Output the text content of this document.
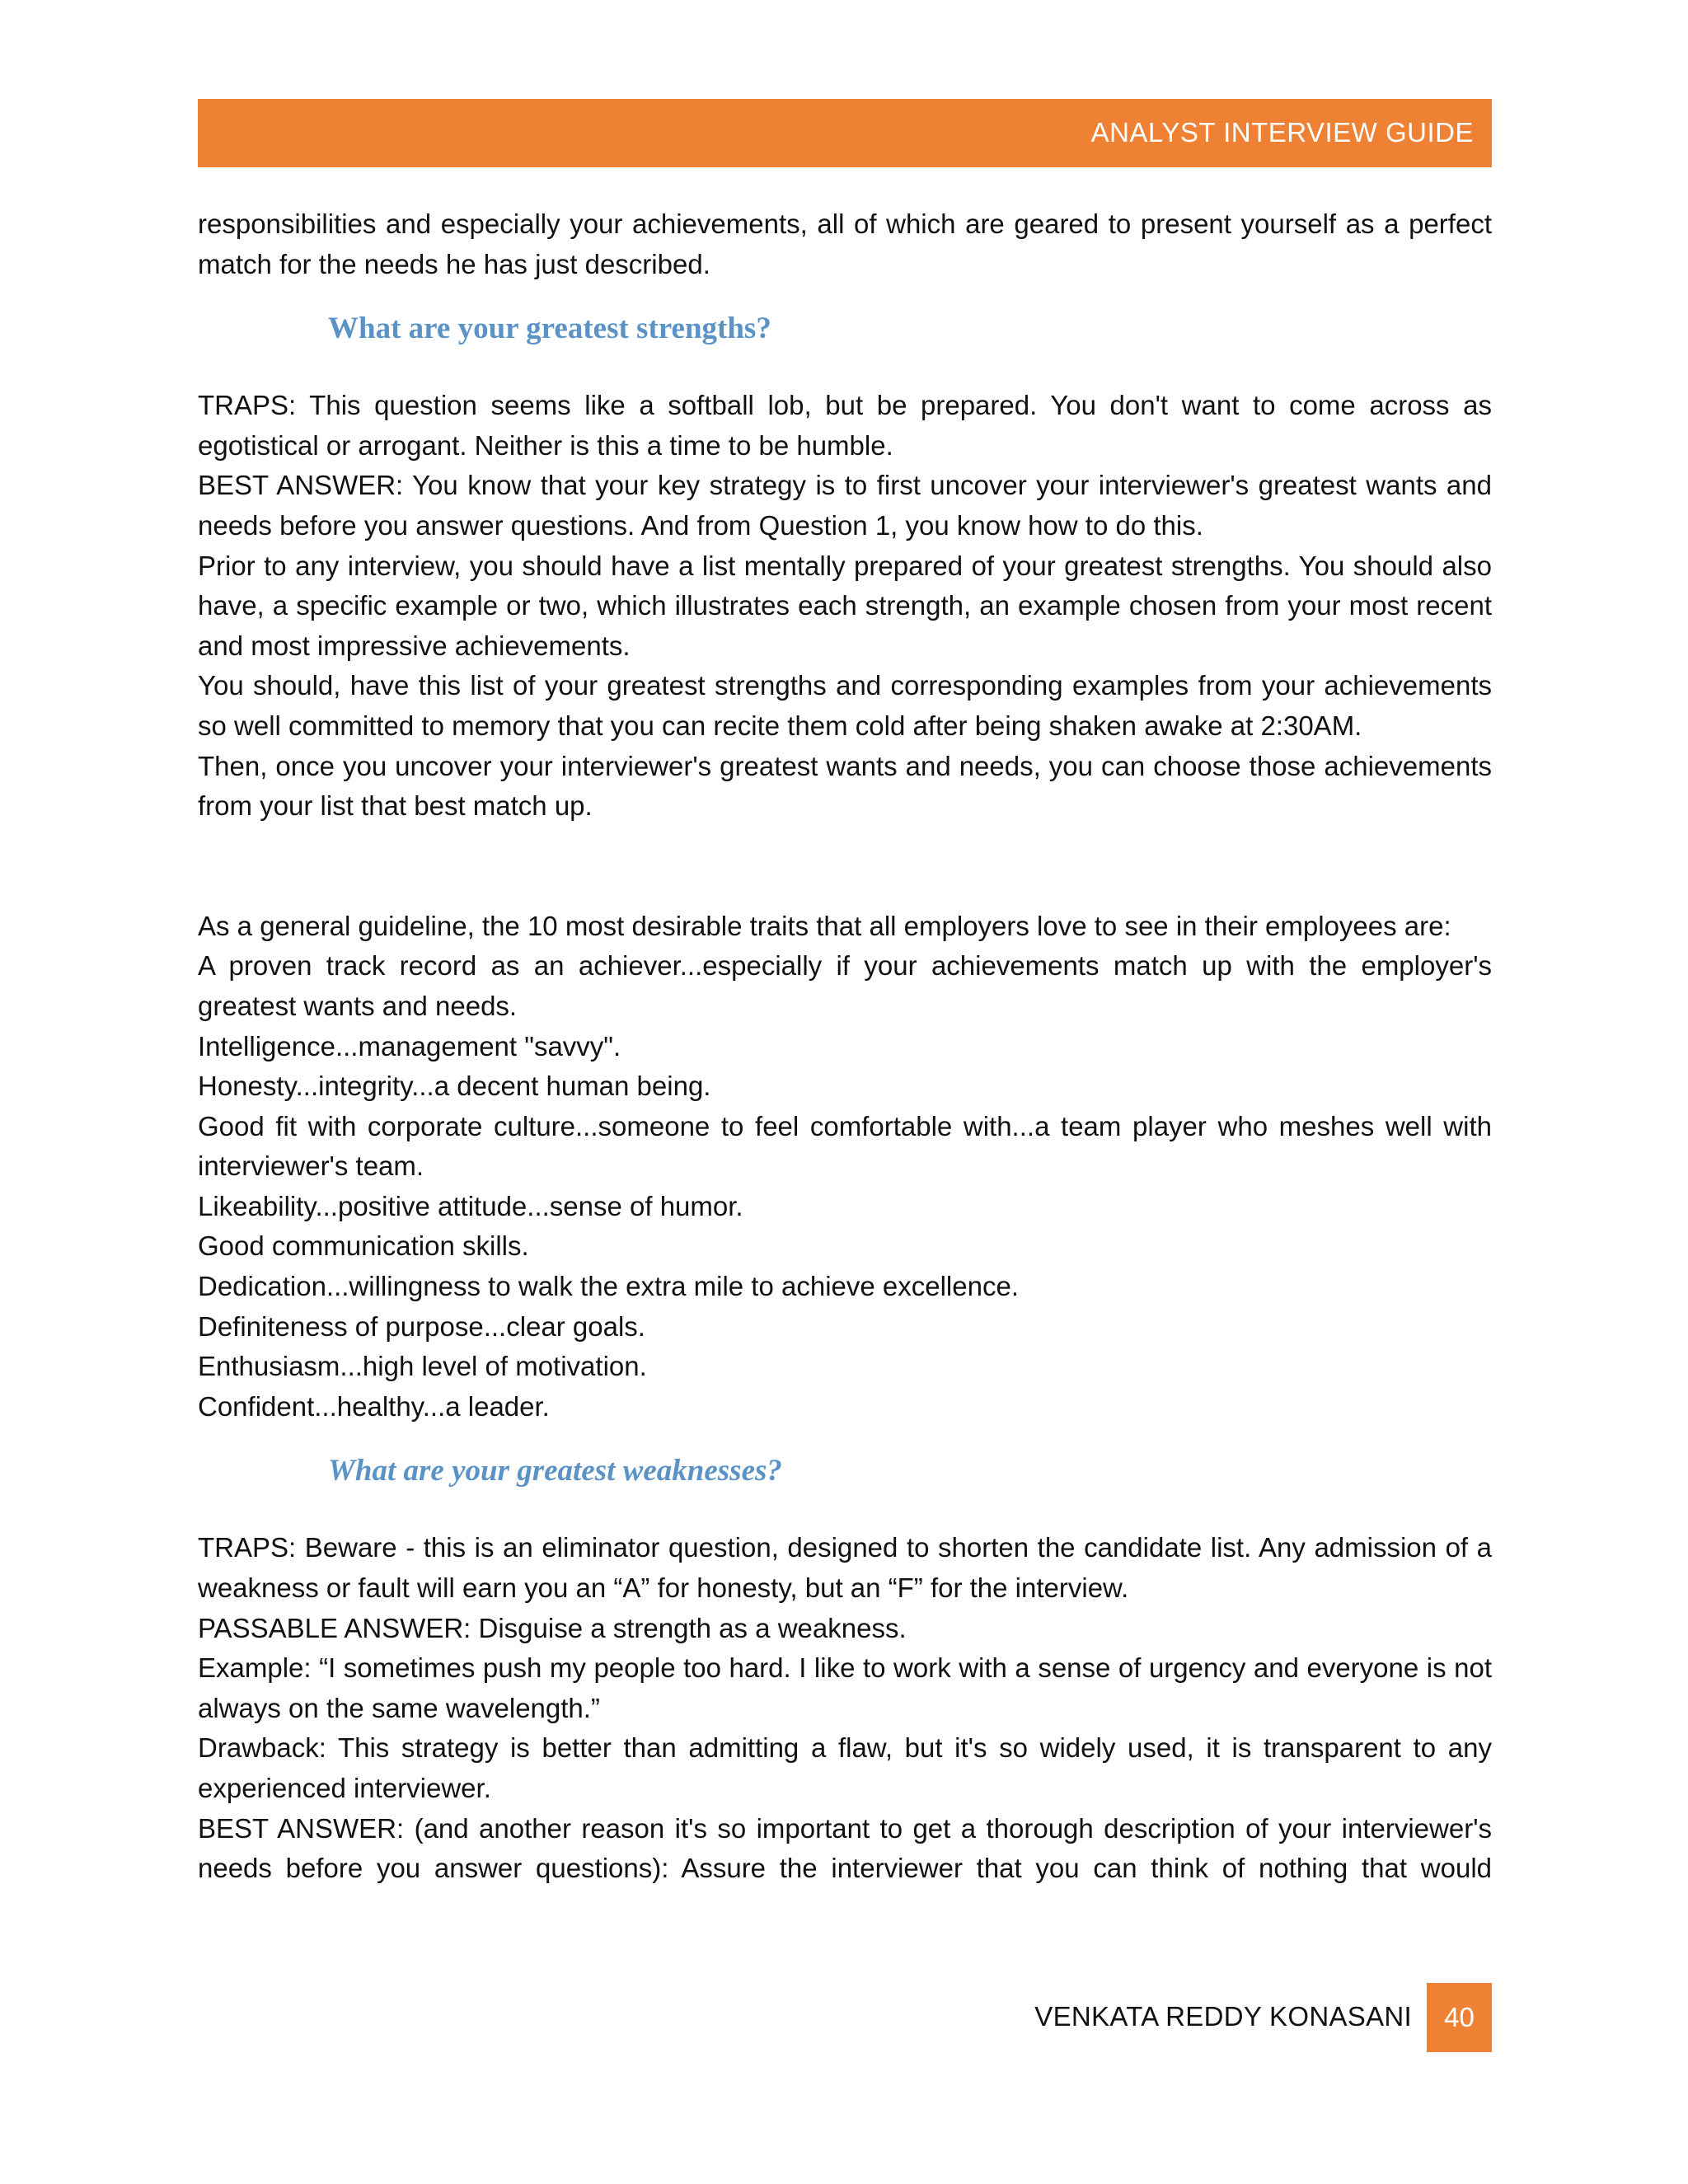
ANALYST INTERVIEW GUIDE

responsibilities and especially your achievements, all of which are geared to present yourself as a perfect match for the needs he has just described.

What are your greatest strengths?

TRAPS: This question seems like a softball lob, but be prepared. You don't want to come across as egotistical or arrogant. Neither is this a time to be humble.

BEST ANSWER: You know that your key strategy is to first uncover your interviewer's greatest wants and needs before you answer questions. And from Question 1, you know how to do this.

Prior to any interview, you should have a list mentally prepared of your greatest strengths. You should also have, a specific example or two, which illustrates each strength, an example chosen from your most recent and most impressive achievements.

You should, have this list of your greatest strengths and corresponding examples from your achievements so well committed to memory that you can recite them cold after being shaken awake at 2:30AM.

Then, once you uncover your interviewer's greatest wants and needs, you can choose those achievements from your list that best match up.

As a general guideline, the 10 most desirable traits that all employers love to see in their employees are:

A proven track record as an achiever...especially if your achievements match up with the employer's greatest wants and needs.

Intelligence...management "savvy".

Honesty...integrity...a decent human being.

Good fit with corporate culture...someone to feel comfortable with...a team player who meshes well with interviewer's team.

Likeability...positive attitude...sense of humor.

Good communication skills.

Dedication...willingness to walk the extra mile to achieve excellence.

Definiteness of purpose...clear goals.

Enthusiasm...high level of motivation.

Confident...healthy...a leader.

What are your greatest weaknesses?

TRAPS: Beware - this is an eliminator question, designed to shorten the candidate list. Any admission of a weakness or fault will earn you an “A” for honesty, but an “F” for the interview.

PASSABLE ANSWER: Disguise a strength as a weakness.

Example: “I sometimes push my people too hard. I like to work with a sense of urgency and everyone is not always on the same wavelength.”

Drawback: This strategy is better than admitting a flaw, but it's so widely used, it is transparent to any experienced interviewer.

BEST ANSWER: (and another reason it's so important to get a thorough description of your interviewer's needs before you answer questions): Assure the interviewer that you can think of nothing that would

VENKATA REDDY KONASANI 40
